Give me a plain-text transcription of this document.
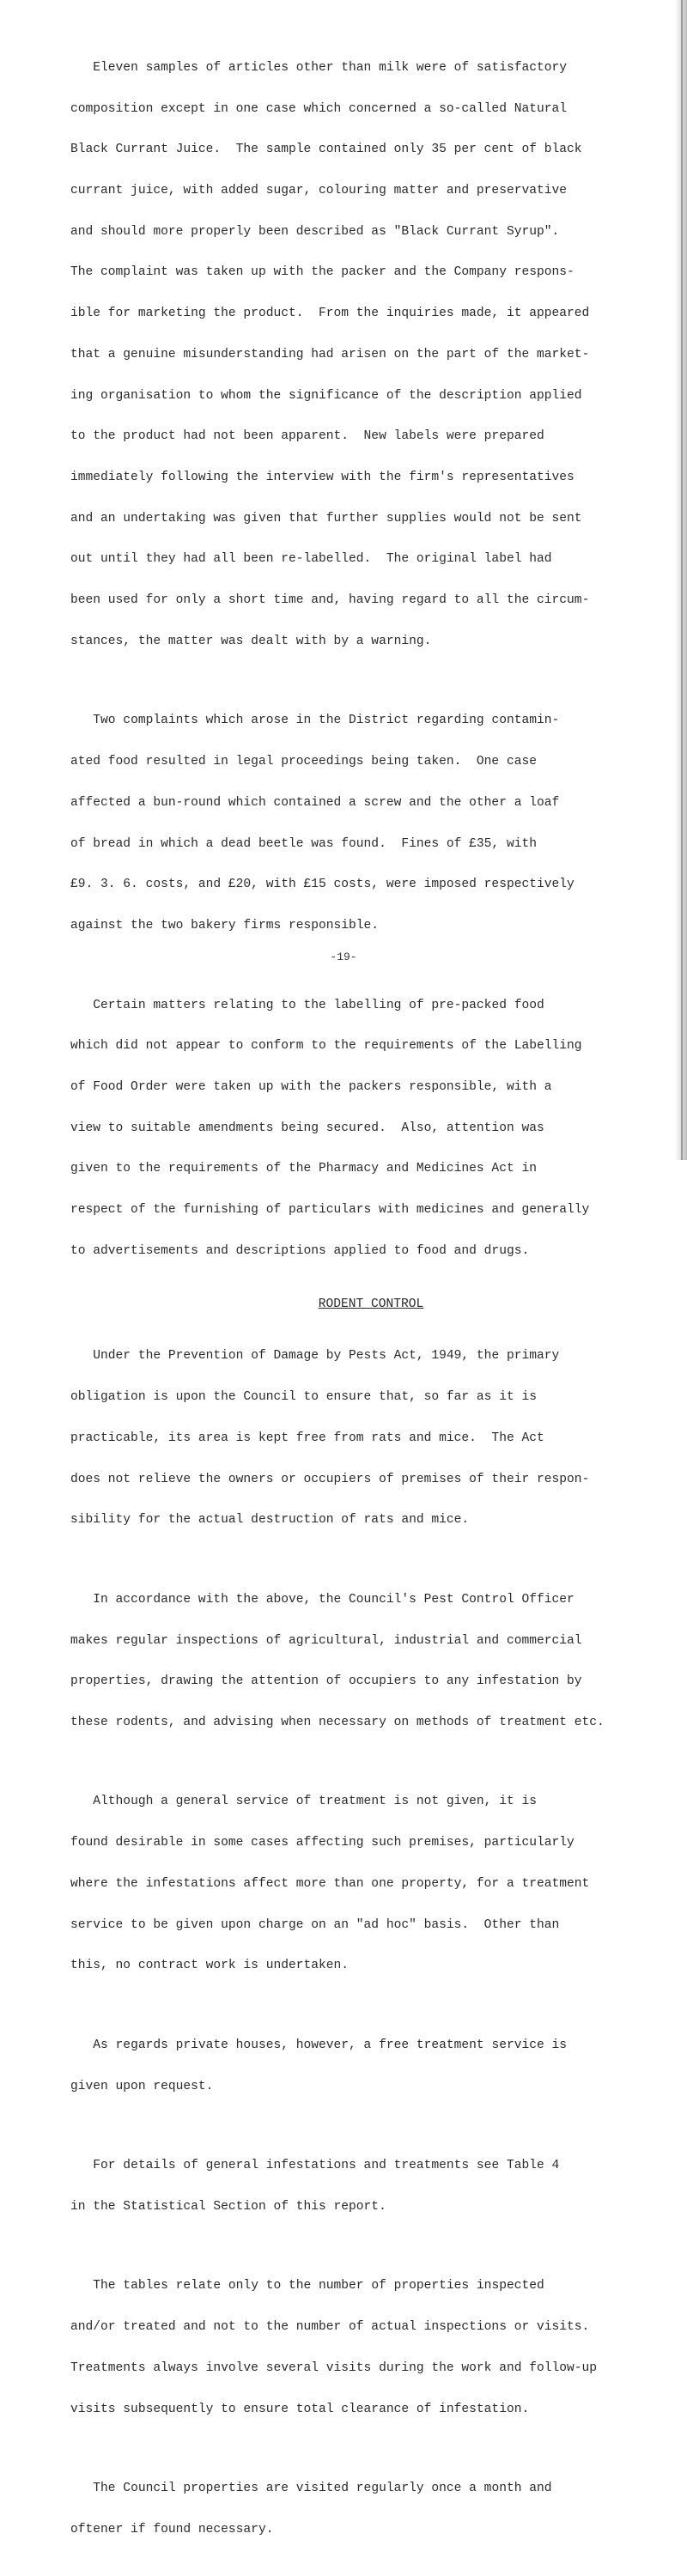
Eleven samples of articles other than milk were of satisfactory

composition except in one case which concerned a so-called Natural

Black Currant Juice.  The sample contained only 35 per cent of black

currant juice, with added sugar, colouring matter and preservative

and should more properly been described as "Black Currant Syrup".

The complaint was taken up with the packer and the Company respons-

ible for marketing the product.  From the inquiries made, it appeared

that a genuine misunderstanding had arisen on the part of the market-

ing organisation to whom the significance of the description applied

to the product had not been apparent.  New labels were prepared

immediately following the interview with the firm's representatives

and an undertaking was given that further supplies would not be sent

out until they had all been re-labelled.  The original label had

been used for only a short time and, having regard to all the circum-

stances, the matter was dealt with by a warning.

Two complaints which arose in the District regarding contamin-

ated food resulted in legal proceedings being taken.  One case

affected a bun-round which contained a screw and the other a loaf

of bread in which a dead beetle was found.  Fines of £35, with

£9. 3. 6. costs, and £20, with £15 costs, were imposed respectively

against the two bakery firms responsible.

Certain matters relating to the labelling of pre-packed food

which did not appear to conform to the requirements of the Labelling

of Food Order were taken up with the packers responsible, with a

view to suitable amendments being secured.  Also, attention was

given to the requirements of the Pharmacy and Medicines Act in

respect of the furnishing of particulars with medicines and generally

to advertisements and descriptions applied to food and drugs.

RODENT CONTROL

Under the Prevention of Damage by Pests Act, 1949, the primary

obligation is upon the Council to ensure that, so far as it is

practicable, its area is kept free from rats and mice.  The Act

does not relieve the owners or occupiers of premises of their respon-

sibility for the actual destruction of rats and mice.

In accordance with the above, the Council's Pest Control Officer

makes regular inspections of agricultural, industrial and commercial

properties, drawing the attention of occupiers to any infestation by

these rodents, and advising when necessary on methods of treatment etc.

Although a general service of treatment is not given, it is

found desirable in some cases affecting such premises, particularly

where the infestations affect more than one property, for a treatment

service to be given upon charge on an "ad hoc" basis.  Other than

this, no contract work is undertaken.

As regards private houses, however, a free treatment service is

given upon request.

For details of general infestations and treatments see Table 4

in the Statistical Section of this report.

The tables relate only to the number of properties inspected

and/or treated and not to the number of actual inspections or visits.

Treatments always involve several visits during the work and follow-up

visits subsequently to ensure total clearance of infestation.

The Council properties are visited regularly once a month and

oftener if found necessary.

-19-
